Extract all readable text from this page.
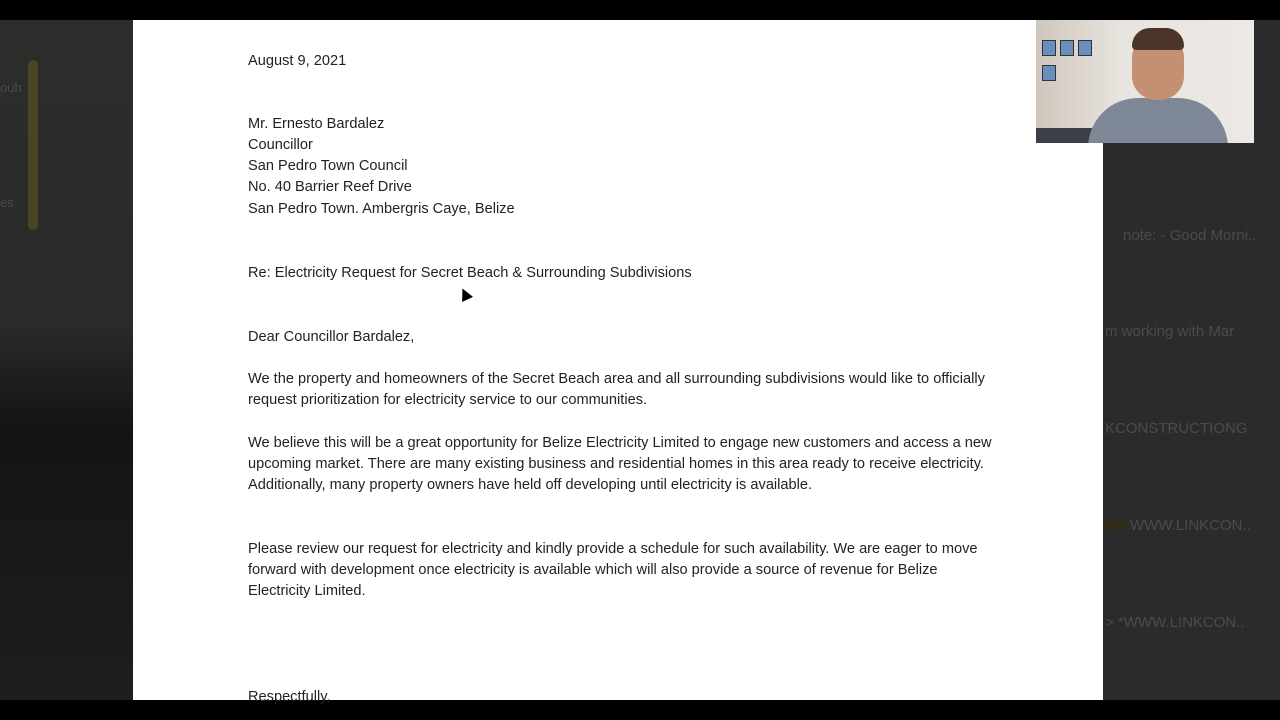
ouh
es
note: - Good Morni..
m working with Mar
KCONSTRUCTIONG
het WWW.LINKCON..
> *WWW.LINKCON..
August 9, 2021
Mr. Ernesto Bardalez
Councillor
San Pedro Town Council
No. 40 Barrier Reef Drive
San Pedro Town. Ambergris Caye, Belize
Re: Electricity Request for Secret Beach & Surrounding Subdivisions
Dear Councillor Bardalez,
We the property and homeowners of the Secret Beach area and all surrounding subdivisions would like to officially request prioritization for electricity service to our communities.
We believe this will be a great opportunity for Belize Electricity Limited to engage new customers and access a new upcoming market. There are many existing business and residential homes in this area ready to receive electricity. Additionally, many property owners have held off developing until electricity is available.
Please review our request for electricity and kindly provide a schedule for such availability. We are eager to move forward with development once electricity is available which will also provide a source of revenue for Belize Electricity Limited.
Respectfully,
